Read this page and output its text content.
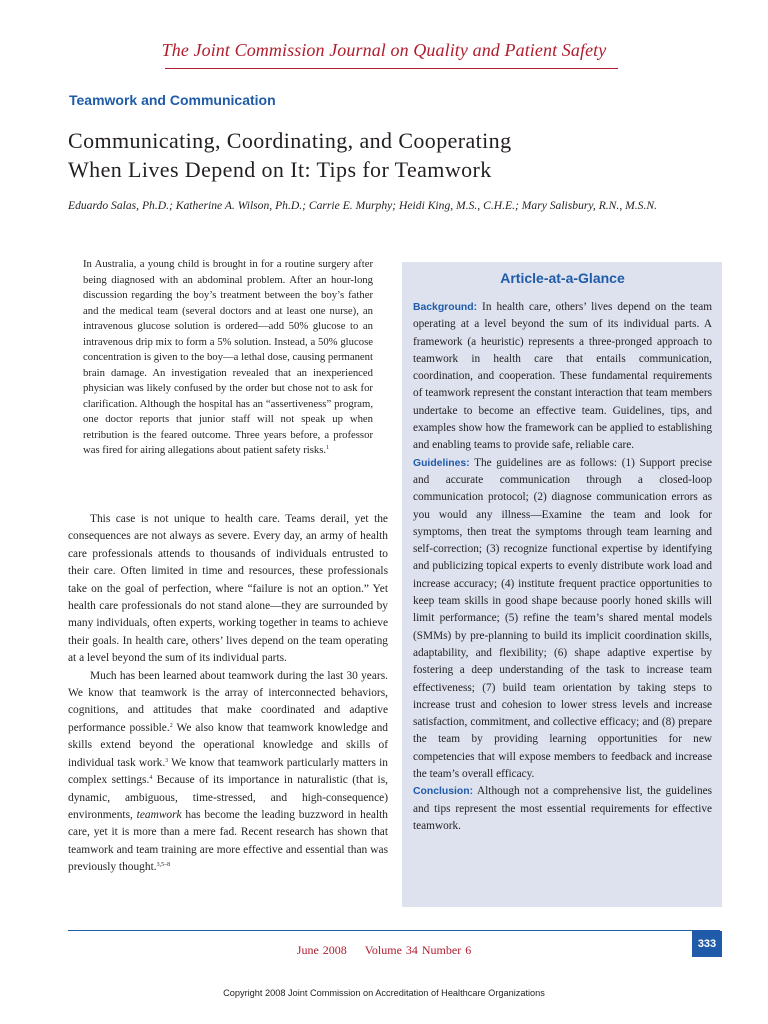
The Joint Commission Journal on Quality and Patient Safety
Teamwork and Communication
Communicating, Coordinating, and Cooperating
When Lives Depend on It: Tips for Teamwork
Eduardo Salas, Ph.D.; Katherine A. Wilson, Ph.D.; Carrie E. Murphy; Heidi King, M.S., C.H.E.; Mary Salisbury, R.N., M.S.N.
In Australia, a young child is brought in for a routine surgery after being diagnosed with an abdominal problem. After an hour-long discussion regarding the boy’s treatment between the boy’s father and the medical team (several doctors and at least one nurse), an intravenous glucose solution is ordered—add 50% glucose to an intravenous drip mix to form a 5% solution. Instead, a 50% glucose concentration is given to the boy—a lethal dose, causing permanent brain damage. An investigation revealed that an inexperienced physician was likely confused by the order but chose not to ask for clarification. Although the hospital has an “assertiveness” program, one doctor reports that junior staff will not speak up when retribution is the feared outcome. Three years before, a professor was fired for airing allegations about patient safety risks.$^1$

This case is not unique to health care. Teams derail, yet the consequences are not always as severe. Every day, an army of health care professionals attends to thousands of individuals entrusted to their care. Often limited in time and resources, these professionals take on the goal of perfection, where “failure is not an option.” Yet health care professionals do not stand alone—they are surrounded by many individuals, often experts, working together in teams to achieve their goals. In health care, others’ lives depend on the team operating at a level beyond the sum of its individual parts.

Much has been learned about teamwork during the last 30 years. We know that teamwork is the array of interconnected behaviors, cognitions, and attitudes that make coordinated and adaptive performance possible.$^2$ We also know that teamwork knowledge and skills extend beyond the operational knowledge and skills of individual task work.$^3$ We know that teamwork particularly matters in complex settings.$^4$ Because of its importance in naturalistic (that is, dynamic, ambiguous, time-stressed, and high-consequence) environments, teamwork has become the leading buzzword in health care, yet it is more than a mere fad. Recent research has shown that teamwork and team training are more effective and essential than was previously thought.$^{3,5-8}$

Article-at-a-Glance

Background: In health care, others’ lives depend on the team operating at a level beyond the sum of its individual parts. A framework (a heuristic) represents a three-pronged approach to teamwork in health care that entails communication, coordination, and cooperation. These fundamental requirements of teamwork represent the constant interaction that team members undertake to become an effective team. Guidelines, tips, and examples show how the framework can be applied to establishing and enabling teams to provide safe, reliable care.

Guidelines: The guidelines are as follows: (1) Support precise and accurate communication through a closed-loop communication protocol; (2) diagnose communication errors as you would any illness—Examine the team and look for symptoms, then treat the symptoms through team learning and self-correction; (3) recognize functional expertise by identifying and publicizing topical experts to evenly distribute work load and increase accuracy; (4) institute frequent practice opportunities to keep team skills in good shape because poorly honed skills will limit performance; (5) refine the team’s shared mental models (SMMs) by pre-planning to build its implicit coordination skills, adaptability, and flexibility; (6) shape adaptive expertise by fostering a deep understanding of the task to increase team effectiveness; (7) build team orientation by taking steps to increase trust and cohesion to lower stress levels and increase satisfaction, commitment, and collective efficacy; and (8) prepare the team by providing learning opportunities for new competencies that will expose members to feedback and increase the team’s overall efficacy.

Conclusion: Although not a comprehensive list, the guidelines and tips represent the most essential requirements for effective teamwork.

333
June 2008 Volume 34 Number 6
Copyright 2008 Joint Commission on Accreditation of Healthcare Organizations
